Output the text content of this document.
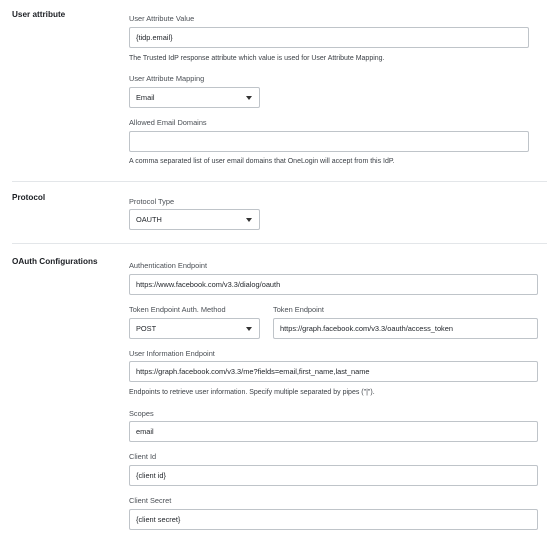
User attribute	User Attribute Value
{tidp.email}
The Trusted IdP response attribute which value is used for User Attribute Mapping.
User Attribute Mapping
Email
Allowed Email Domains
A comma separated list of user email domains that OneLogin will accept from this IdP.
Protocol	Protocol Type
OAUTH
OAuth Configurations	Authentication Endpoint
https://www.facebook.com/v3.3/dialog/oauth
Token Endpoint Auth. Method
POST
Token Endpoint
https://graph.facebook.com/v3.3/oauth/access_token
User Information Endpoint
https://graph.facebook.com/v3.3/me?fields=email,first_name,last_name
Endpoints to retrieve user information. Specify multiple separated by pipes ("|").
Scopes
email
Client Id
{client id}
Client Secret
{client secret}
